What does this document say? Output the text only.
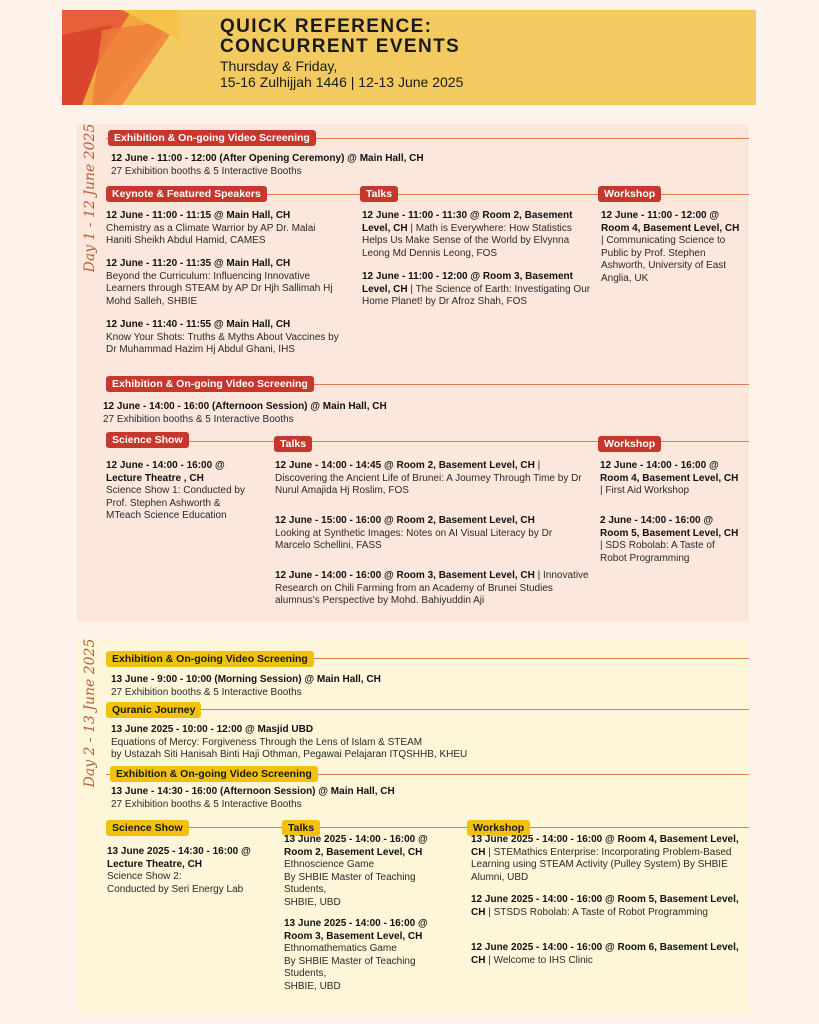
QUICK REFERENCE:
CONCURRENT EVENTS
Thursday & Friday,
15-16 Zulhijjah 1446 | 12-13 June 2025
Day 1 - 12 June 2025	Exhibition & On-going Video Screening
12 June - 11:00 - 12:00 (After Opening Ceremony) @ Main Hall, CH
27 Exhibition booths & 5 Interactive Booths
Keynote & Featured Speakers	Talks	Workshop
12 June - 11:00 - 11:15 @ Main Hall, CH
Chemistry as a Climate Warrior by AP Dr. Malai Haniti Sheikh Abdul Hamid, CAMES
12 June - 11:20 - 11:35 @ Main Hall, CH
Beyond the Curriculum: Influencing Innovative Learners through STEAM by AP Dr Hjh Sallimah Hj Mohd Salleh, SHBIE
12 June - 11:40 - 11:55 @ Main Hall, CH
Know Your Shots: Truths & Myths About Vaccines by Dr Muhammad Hazim Hj Abdul Ghani, IHS
12 June - 11:00 - 11:30 @ Room 2, Basement Level, CH | Math is Everywhere: How Statistics Helps Us Make Sense of the World by Elvynna Leong Md Dennis Leong, FOS
12 June - 11:00 - 12:00 @ Room 3, Basement Level, CH | The Science of Earth: Investigating Our Home Planet! by Dr Afroz Shah, FOS
12 June - 11:00 - 12:00 @ Room 4, Basement Level, CH | Communicating Science to Public by Prof. Stephen Ashworth, University of East Anglia, UK
Exhibition & On-going Video Screening
12 June - 14:00 - 16:00 (Afternoon Session) @ Main Hall, CH
27 Exhibition booths & 5 Interactive Booths
Science Show	Talks	Workshop
12 June - 14:00 - 16:00 @ Lecture Theatre , CH
Science Show 1: Conducted by Prof. Stephen Ashworth & MTeach Science Education
12 June - 14:00 - 14:45 @ Room 2, Basement Level, CH | Discovering the Ancient Life of Brunei: A Journey Through Time by Dr Nurul Amajida Hj Roslim, FOS
12 June - 15:00 - 16:00 @ Room 2, Basement Level, CH
Looking at Synthetic Images: Notes on AI Visual Literacy by Dr Marcelo Schellini, FASS
12 June - 14:00 - 16:00 @ Room 3, Basement Level, CH | Innovative Research on Chili Farming from an Academy of Brunei Studies alumnus's Perspective by Mohd. Bahiyuddin Aji
12 June - 14:00 - 16:00 @ Room 4, Basement Level, CH | First Aid Workshop
2 June - 14:00 - 16:00 @ Room 5, Basement Level, CH | SDS Robolab: A Taste of Robot Programming
Day 2 - 13 June 2025	Exhibition & On-going Video Screening
13 June - 9:00 - 10:00 (Morning Session) @ Main Hall, CH
27 Exhibition booths & 5 Interactive Booths
Quranic Journey
13 June 2025 - 10:00 - 12:00 @ Masjid UBD
Equations of Mercy: Forgiveness Through the Lens of Islam & STEAM
by Ustazah Siti Hanisah Binti Haji Othman, Pegawai Pelajaran ITQSHHB, KHEU
Exhibition & On-going Video Screening
13 June - 14:30 - 16:00 (Afternoon Session) @ Main Hall, CH
27 Exhibition booths & 5 Interactive Booths
Science Show	Talks	Workshop
13 June 2025 - 14:30 - 16:00 @ Lecture Theatre, CH
Science Show 2:
Conducted by Seri Energy Lab
13 June 2025 - 14:00 - 16:00 @ Room 2, Basement Level, CH
Ethnoscience Game
By SHBIE Master of Teaching Students,
SHBIE, UBD
13 June 2025 - 14:00 - 16:00 @ Room 3, Basement Level, CH
Ethnomathematics Game
By SHBIE Master of Teaching Students,
SHBIE, UBD
13 June 2025 - 14:00 - 16:00 @ Room 4, Basement Level, CH | STEMathics Enterprise: Incorporating Problem-Based Learning using STEAM Activity (Pulley System) By SHBIE Alumni, UBD
12 June 2025 - 14:00 - 16:00 @ Room 5, Basement Level, CH | STSDS Robolab: A Taste of Robot Programming
12 June 2025 - 14:00 - 16:00 @ Room 6, Basement Level, CH | Welcome to IHS Clinic
